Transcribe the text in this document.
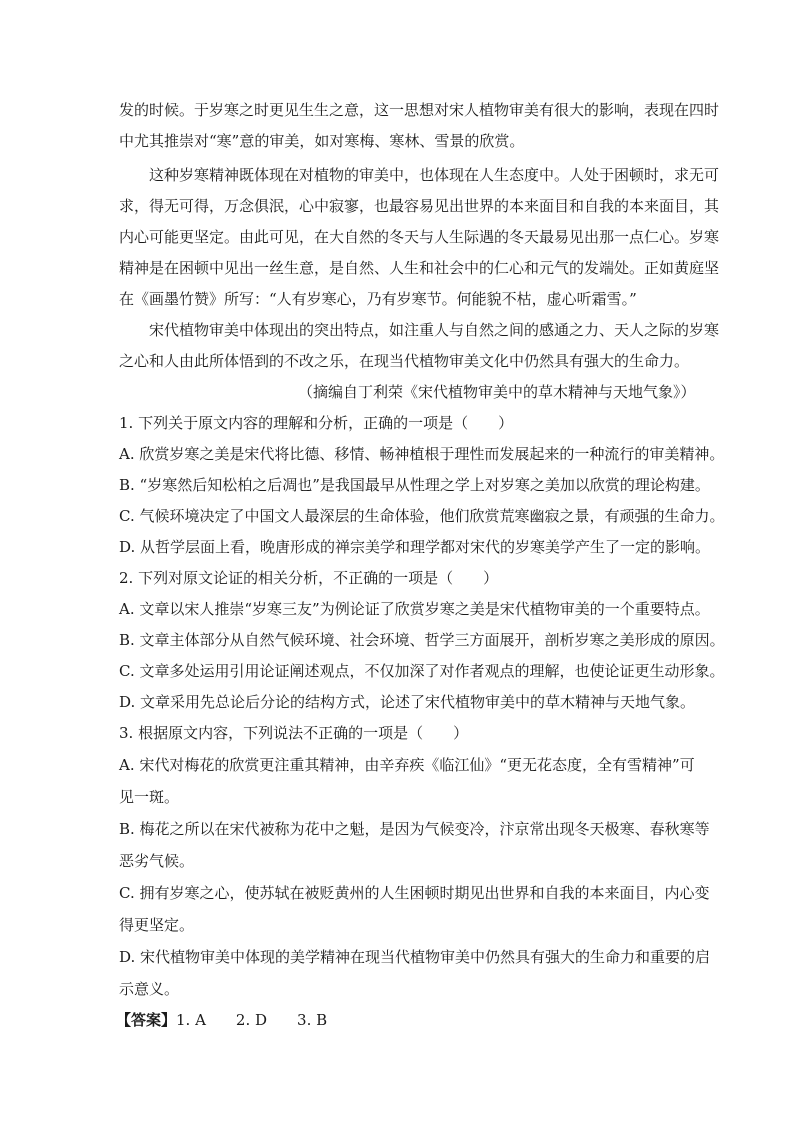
发的时候。于岁寒之时更见生生之意，这一思想对宋人植物审美有很大的影响，表现在四时
中尤其推崇对“寒”意的审美，如对寒梅、寒林、雪景的欣赏。
这种岁寒精神既体现在对植物的审美中，也体现在人生态度中。人处于困顿时，求无可
求，得无可得，万念俱泯，心中寂寥，也最容易见出世界的本来面目和自我的本来面目，其
内心可能更坚定。由此可见，在大自然的冬天与人生际遇的冬天最易见出那一点仁心。岁寒
精神是在困顿中见出一丝生意，是自然、人生和社会中的仁心和元气的发端处。正如黄庭坚
在《画墨竹赞》所写：“人有岁寒心，乃有岁寒节。何能貌不枯，虚心听霜雪。”
宋代植物审美中体现出的突出特点，如注重人与自然之间的感通之力、天人之际的岁寒
之心和人由此所体悟到的不改之乐，在现当代植物审美文化中仍然具有强大的生命力。
（摘编自丁利荣《宋代植物审美中的草木精神与天地气象》）
1. 下列关于原文内容的理解和分析，正确的一项是（　　）
A. 欣赏岁寒之美是宋代将比德、移情、畅神植根于理性而发展起来的一种流行的审美精神。
B. “岁寒然后知松柏之后凋也”是我国最早从性理之学上对岁寒之美加以欣赏的理论构建。
C. 气候环境决定了中国文人最深层的生命体验，他们欣赏荒寒幽寂之景，有顽强的生命力。
D. 从哲学层面上看，晚唐形成的禅宗美学和理学都对宋代的岁寒美学产生了一定的影响。
2. 下列对原文论证的相关分析，不正确的一项是（　　）
A. 文章以宋人推崇“岁寒三友”为例论证了欣赏岁寒之美是宋代植物审美的一个重要特点。
B. 文章主体部分从自然气候环境、社会环境、哲学三方面展开，剖析岁寒之美形成的原因。
C. 文章多处运用引用论证阐述观点，不仅加深了对作者观点的理解，也使论证更生动形象。
D. 文章采用先总论后分论的结构方式，论述了宋代植物审美中的草木精神与天地气象。
3. 根据原文内容，下列说法不正确的一项是（　　）
A. 宋代对梅花的欣赏更注重其精神，由辛弃疾《临江仙》“更无花态度，全有雪精神”可
见一斑。
B. 梅花之所以在宋代被称为花中之魁，是因为气候变冷，汴京常出现冬天极寒、春秋寒等
恶劣气候。
C. 拥有岁寒之心，使苏轼在被贬黄州的人生困顿时期见出世界和自我的本来面目，内心变
得更坚定。
D. 宋代植物审美中体现的美学精神在现当代植物审美中仍然具有强大的生命力和重要的启
示意义。
【答案】1. A　　2. D　　3. B
